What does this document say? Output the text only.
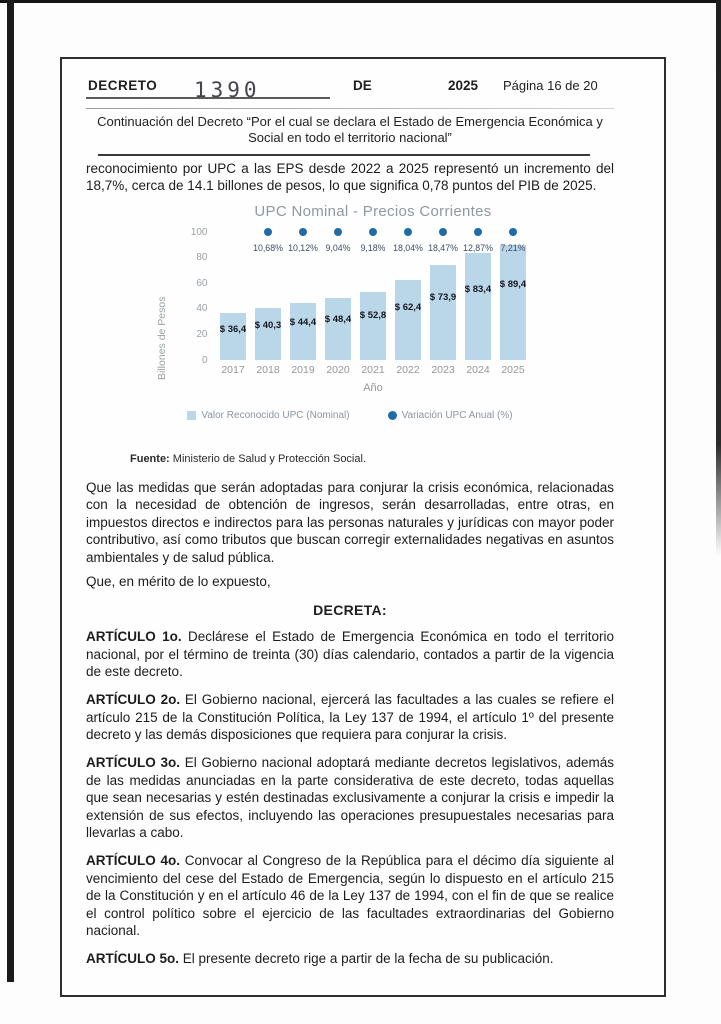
DECRETO 1390	DE	2025 Página 16 de 20
Continuación del Decreto “Por el cual se declara el Estado de Emergencia Económica y Social en todo el territorio nacional”

reconocimiento por UPC a las EPS desde 2022 a 2025 representó un incremento del 18,7%, cerca de 14.1 billones de pesos, lo que significa 0,78 puntos del PIB de 2025.

UPC Nominal - Precios Corrientes
Billones de Pesos	0
20
40
60
80
100
$ 36,4 $ 40,3
10,68%
$ 44,4
10,12%
$ 48,4
9,04%
$ 52,8
9,18%
$ 62,4
18,04%
$ 73,9
18,47%
$ 83,4
12,87%
$ 89,4
7,21%
2017	2018	2019	2020	2021	2022	2023	2024	2025
Año
Valor Reconocido UPC (Nominal)	Variación UPC Anual (%)
Fuente: Ministerio de Salud y Protección Social.

Que las medidas que serán adoptadas para conjurar la crisis económica, relacionadas con la necesidad de obtención de ingresos, serán desarrolladas, entre otras, en impuestos directos e indirectos para las personas naturales y jurídicas con mayor poder contributivo, así como tributos que buscan corregir externalidades negativas en asuntos ambientales y de salud pública.

Que, en mérito de lo expuesto,

DECRETA:

ARTÍCULO 1o. Declárese el Estado de Emergencia Económica en todo el territorio nacional, por el término de treinta (30) días calendario, contados a partir de la vigencia de este decreto.

ARTÍCULO 2o. El Gobierno nacional, ejercerá las facultades a las cuales se refiere el artículo 215 de la Constitución Política, la Ley 137 de 1994, el artículo 1º del presente decreto y las demás disposiciones que requiera para conjurar la crisis.

ARTÍCULO 3o. El Gobierno nacional adoptará mediante decretos legislativos, además de las medidas anunciadas en la parte considerativa de este decreto, todas aquellas que sean necesarias y estén destinadas exclusivamente a conjurar la crisis e impedir la extensión de sus efectos, incluyendo las operaciones presupuestales necesarias para llevarlas a cabo.

ARTÍCULO 4o. Convocar al Congreso de la República para el décimo día siguiente al vencimiento del cese del Estado de Emergencia, según lo dispuesto en el artículo 215 de la Constitución y en el artículo 46 de la Ley 137 de 1994, con el fin de que se realice el control político sobre el ejercicio de las facultades extraordinarias del Gobierno nacional.

ARTÍCULO 5o. El presente decreto rige a partir de la fecha de su publicación.
